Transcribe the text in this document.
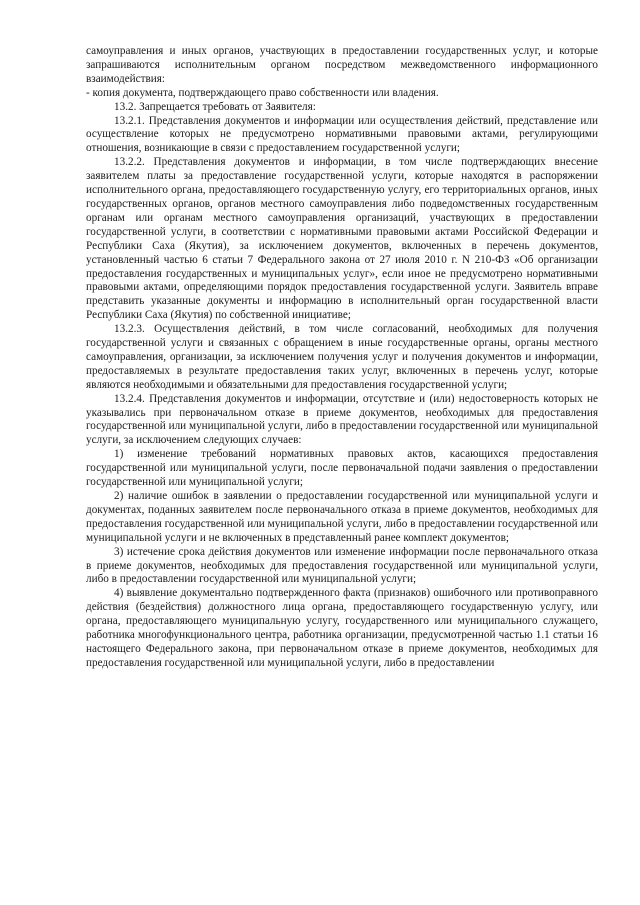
самоуправления и иных органов, участвующих в предоставлении государственных услуг, и которые запрашиваются исполнительным органом посредством межведомственного информационного взаимодействия:

- копия документа, подтверждающего право собственности или владения.

13.2. Запрещается требовать от Заявителя:

13.2.1. Представления документов и информации или осуществления действий, представление или осуществление которых не предусмотрено нормативными правовыми актами, регулирующими отношения, возникающие в связи с предоставлением государственной услуги;

13.2.2. Представления документов и информации, в том числе подтверждающих внесение заявителем платы за предоставление государственной услуги, которые находятся в распоряжении исполнительного органа, предоставляющего государственную услугу, его территориальных органов, иных государственных органов, органов местного самоуправления либо подведомственных государственным органам или органам местного самоуправления организаций, участвующих в предоставлении государственной услуги, в соответствии с нормативными правовыми актами Российской Федерации и Республики Саха (Якутия), за исключением документов, включенных в перечень документов, установленный частью 6 статьи 7 Федерального закона от 27 июля 2010 г. N 210-ФЗ «Об организации предоставления государственных и муниципальных услуг», если иное не предусмотрено нормативными правовыми актами, определяющими порядок предоставления государственной услуги. Заявитель вправе представить указанные документы и информацию в исполнительный орган государственной власти Республики Саха (Якутия) по собственной инициативе;

13.2.3. Осуществления действий, в том числе согласований, необходимых для получения государственной услуги и связанных с обращением в иные государственные органы, органы местного самоуправления, организации, за исключением получения услуг и получения документов и информации, предоставляемых в результате предоставления таких услуг, включенных в перечень услуг, которые являются необходимыми и обязательными для предоставления государственной услуги;

13.2.4. Представления документов и информации, отсутствие и (или) недостоверность которых не указывались при первоначальном отказе в приеме документов, необходимых для предоставления государственной или муниципальной услуги, либо в предоставлении государственной или муниципальной услуги, за исключением следующих случаев:

1) изменение требований нормативных правовых актов, касающихся предоставления государственной или муниципальной услуги, после первоначальной подачи заявления о предоставлении государственной или муниципальной услуги;

2) наличие ошибок в заявлении о предоставлении государственной или муниципальной услуги и документах, поданных заявителем после первоначального отказа в приеме документов, необходимых для предоставления государственной или муниципальной услуги, либо в предоставлении государственной или муниципальной услуги и не включенных в представленный ранее комплект документов;

3) истечение срока действия документов или изменение информации после первоначального отказа в приеме документов, необходимых для предоставления государственной или муниципальной услуги, либо в предоставлении государственной или муниципальной услуги;

4) выявление документально подтвержденного факта (признаков) ошибочного или противоправного действия (бездействия) должностного лица органа, предоставляющего государственную услугу, или органа, предоставляющего муниципальную услугу, государственного или муниципального служащего, работника многофункционального центра, работника организации, предусмотренной частью 1.1 статьи 16 настоящего Федерального закона, при первоначальном отказе в приеме документов, необходимых для предоставления государственной или муниципальной услуги, либо в предоставлении
